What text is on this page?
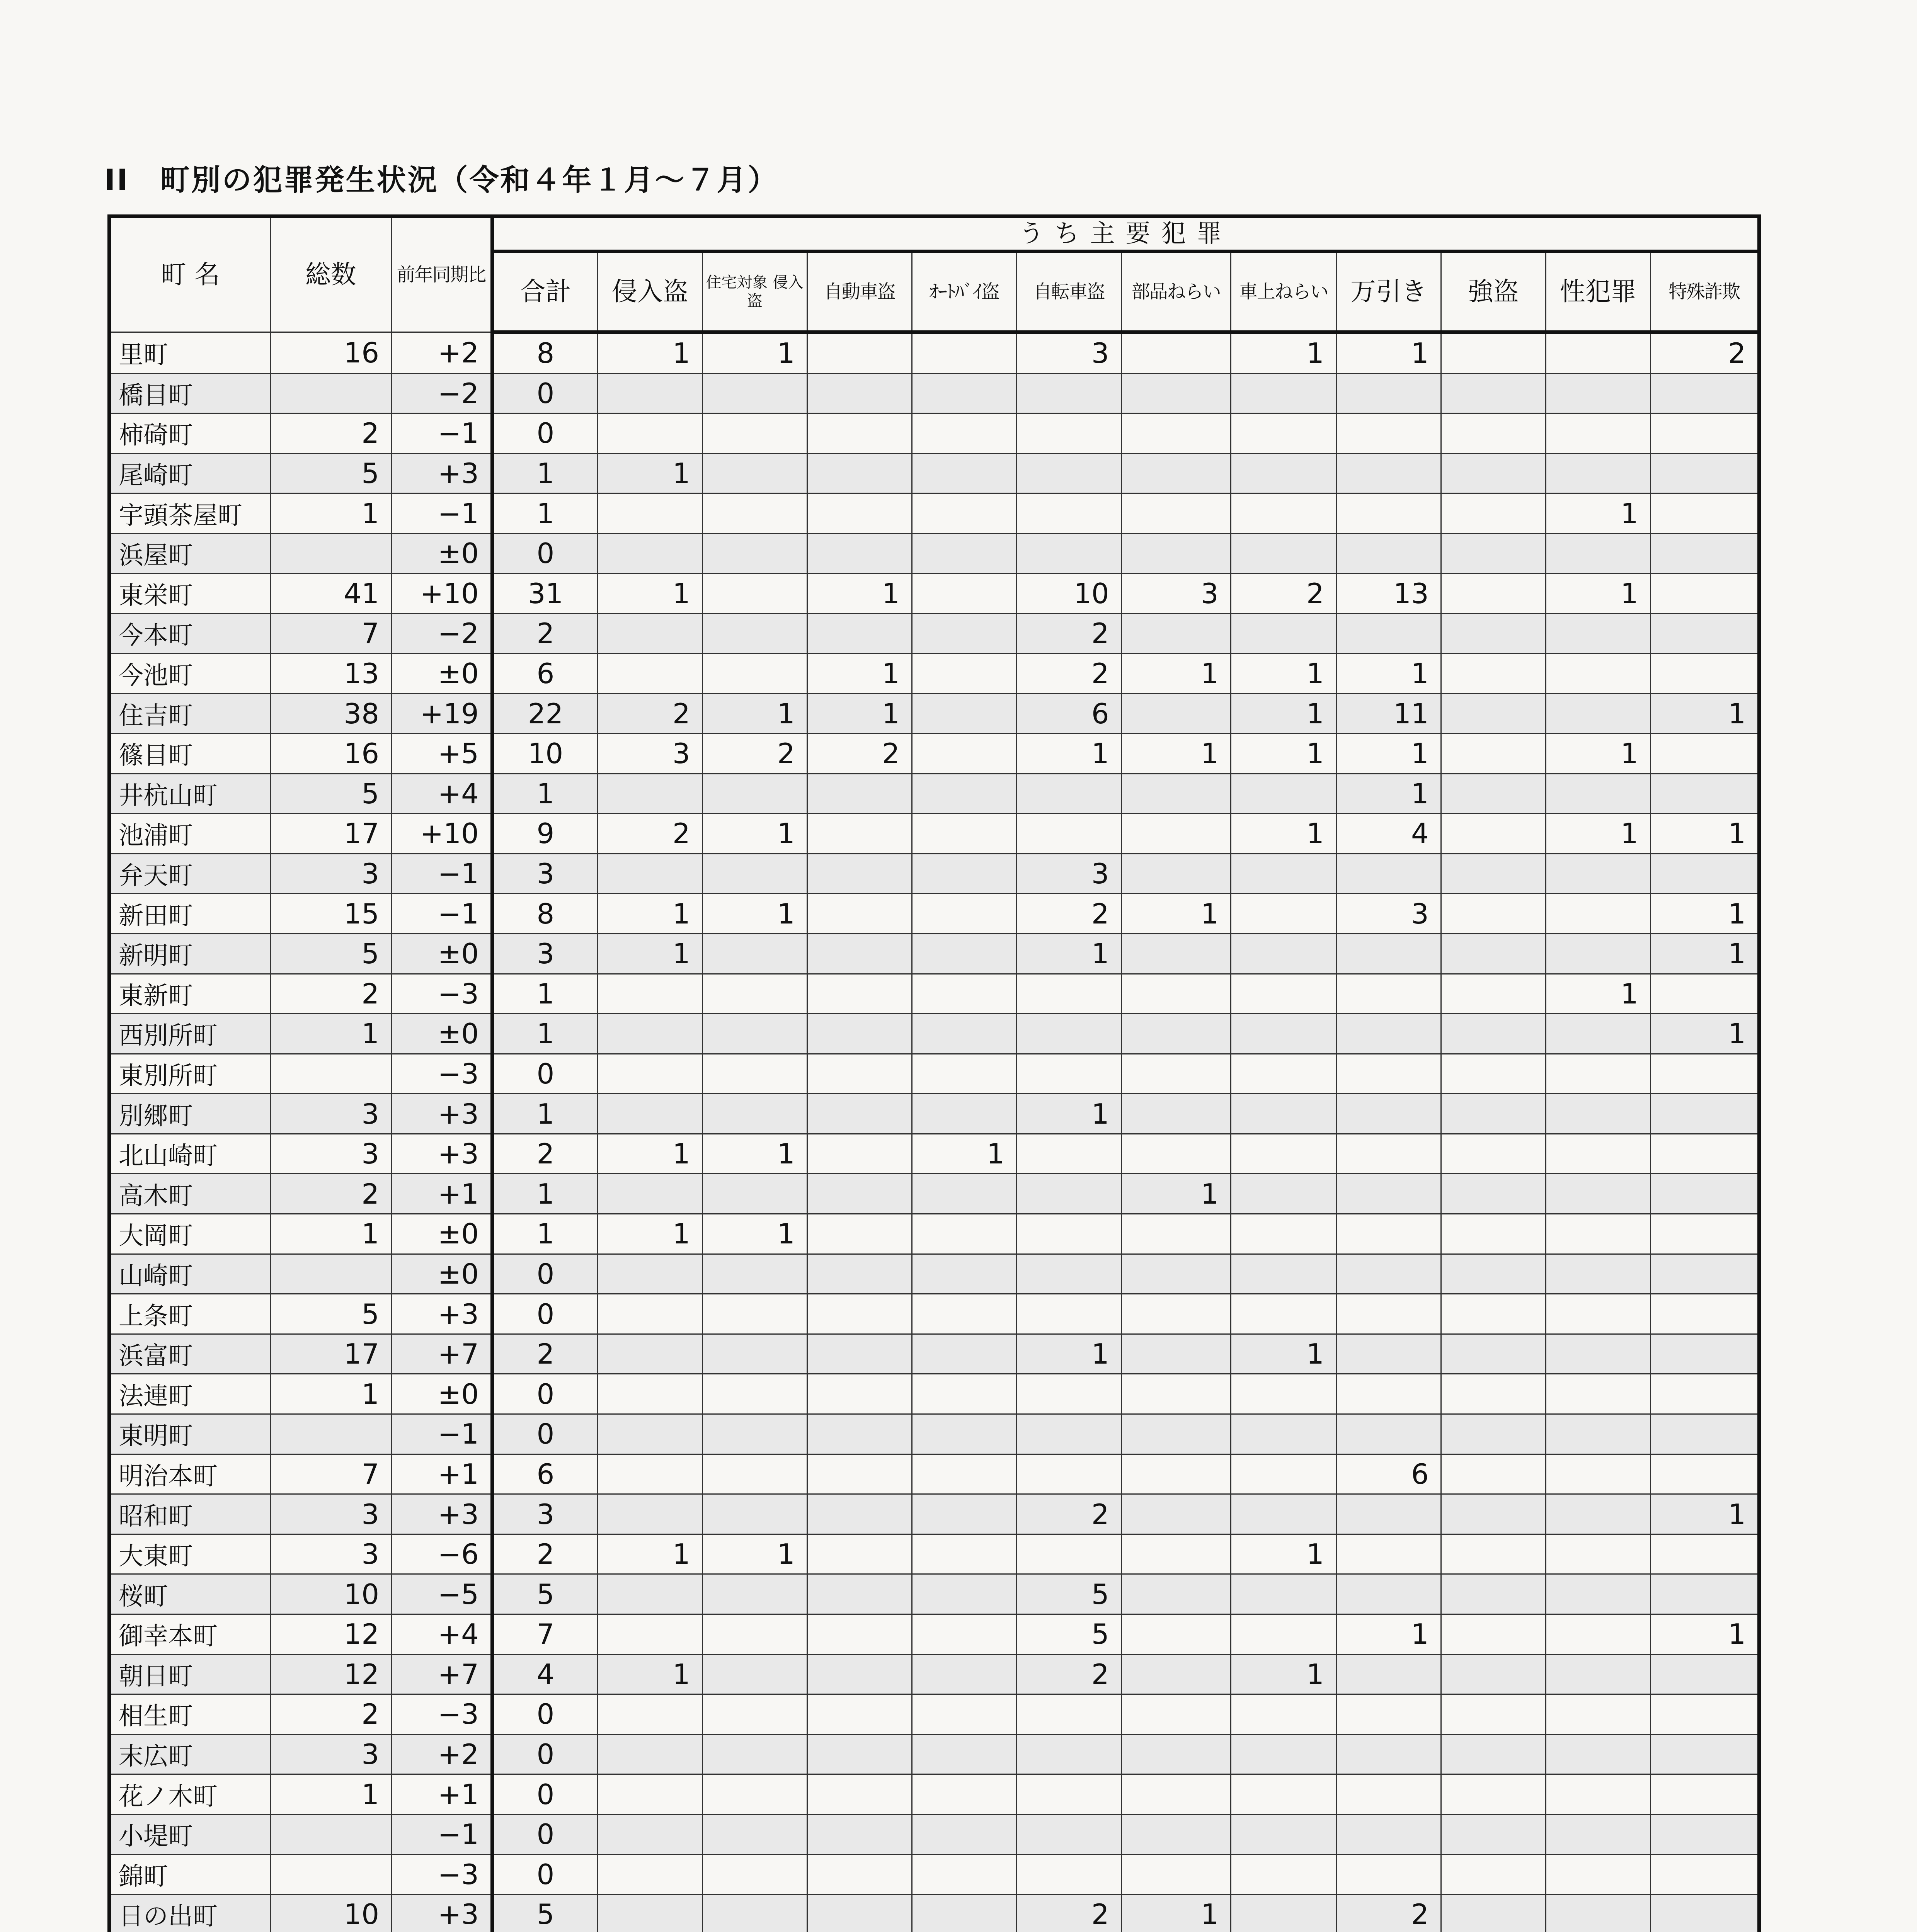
II　町別の犯罪発生状況（令和４年１月～７月）
町 名	総数	前年同期比	うち主要犯罪											
			合計	侵入盗	住宅対象 侵入盗	自動車盗	ｵｰﾄﾊﾞｲ盗	自転車盗	部品ねらい	車上ねらい	万引き	強盗	性犯罪	特殊詐欺
里町	16	+2	8	1	1			3		1	1			2
橋目町		−2	0											
柿碕町	2	−1	0											
尾崎町	5	+3	1	1										
宇頭茶屋町	1	−1	1										1	
浜屋町		±0	0											
東栄町	41	+10	31	1		1		10	3	2	13		1	
今本町	7	−2	2					2						
今池町	13	±0	6			1		2	1	1	1			
住吉町	38	+19	22	2	1	1		6		1	11			1
篠目町	16	+5	10	3	2	2		1	1	1	1		1	
井杭山町	5	+4	1								1			
池浦町	17	+10	9	2	1					1	4		1	1
弁天町	3	−1	3					3						
新田町	15	−1	8	1	1			2	1		3			1
新明町	5	±0	3	1				1						1
東新町	2	−3	1										1	
西別所町	1	±0	1											1
東別所町		−3	0											
別郷町	3	+3	1					1						
北山崎町	3	+3	2	1	1		1							
高木町	2	+1	1						1					
大岡町	1	±0	1	1	1									
山崎町		±0	0											
上条町	5	+3	0											
浜富町	17	+7	2					1		1				
法連町	1	±0	0											
東明町		−1	0											
明治本町	7	+1	6								6			
昭和町	3	+3	3					2						1
大東町	3	−6	2	1	1					1				
桜町	10	−5	5					5						
御幸本町	12	+4	7					5			1			1
朝日町	12	+7	4	1				2		1				
相生町	2	−3	0											
末広町	3	+2	0											
花ノ木町	1	+1	0											
小堤町		−1	0											
錦町		−3	0											
日の出町	10	+3	5					2	1		2			
